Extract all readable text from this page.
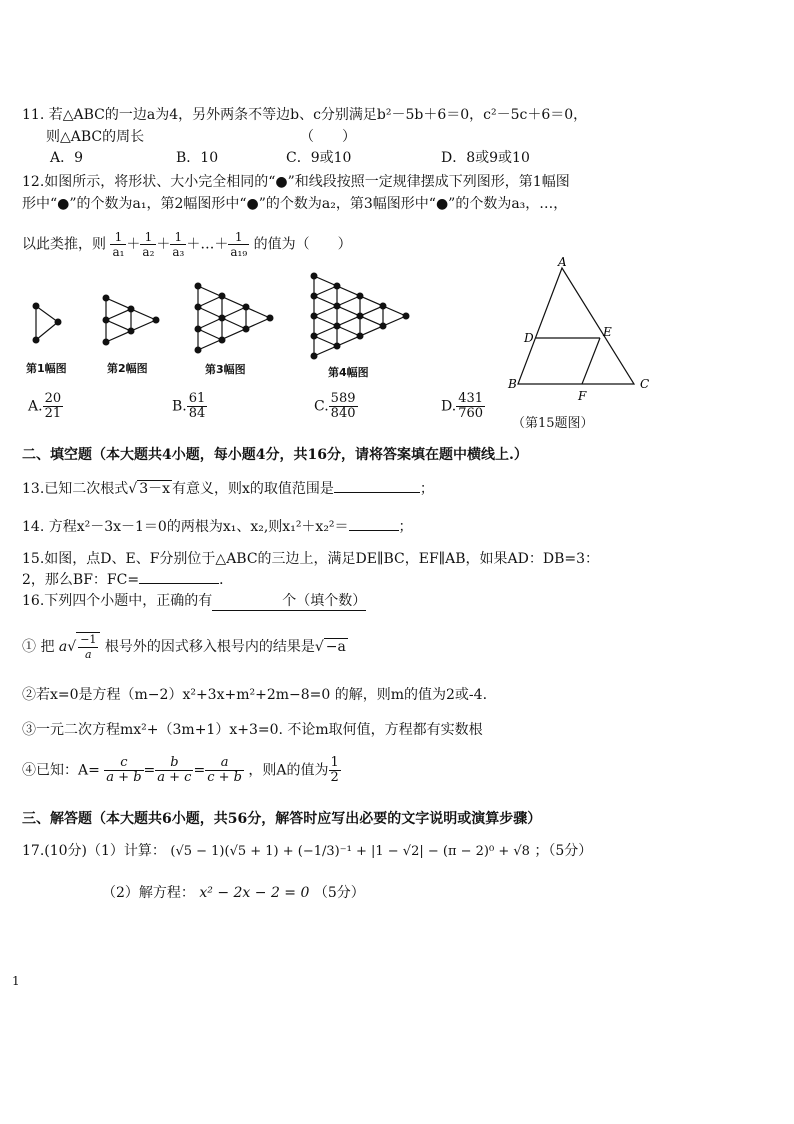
11. 若△ABC的一边a为4，另外两条不等边b、c分别满足b²－5b＋6＝0，c²－5c＋6＝0，
则△ABC的周长	（　　）
A．9	B．10	C．9或10	D．8或9或10
12.如图所示，将形状、大小完全相同的“●”和线段按照一定规律摆成下列图形，第1幅图
形中“●”的个数为a₁，第2幅图形中“●”的个数为a₂，第3幅图形中“●”的个数为a₃，…，
以此类推，则 $\frac{1}{\text{a₁}} + \frac{1}{\text{a₂}} + \frac{1}{\text{a₃}}$ ＋…＋ $\frac{1}{\text{a₁₉}}$ 的值为（　　）
第1幅图	第2幅图	第3幅图	第4幅图
A. $\frac{20}{21}$	B. $\frac{61}{84}$	C. $\frac{589}{840}$	D. $\frac{431}{760}$
A
D	E
B
F
C
（第15题图）
二、填空题（本大题共4小题，每小题4分，共16分，请将答案填在题中横线上.）
13.已知二次根式√ 3－x 有意义，则x的取值范围是	；
14. 方程x²－3x－1＝0的两根为x₁、x₂,则x₁²＋x₂²＝	；
15.如图，点D、E、F分别位于△ABC的三边上，满足DE∥BC，EF∥AB，如果AD：DB=3：
2，那么BF：FC=	．
16.下列四个小题中，正确的有	个（填个数）
① 把 $a√ \frac{-1}{a}$ 根号外的因式移入根号内的结果是√ −a
②若x=0是方程（m−2）x²+3x+m²+2m−8=0 的解，则m的值为2或-4.
③一元二次方程mx²+（3m+1）x+3=0. 不论m取何值，方程都有实数根
④已知：$A= \frac{c}{a + b} = \frac{b}{a + c} = \frac{a}{c + b}$ ，则A的值为 $\frac{1}{2}$
三、解答题（本大题共6小题，共56分，解答时应写出必要的文字说明或演算步骤）
17.(10分)（1）计算： (√5 − 1)(√5 + 1) + (−1/3)⁻¹ + |1 − √2| − (π − 2)⁰ + √8 ；（5分）
（2）解方程： x² − 2x − 2 = 0 （5分）
1
